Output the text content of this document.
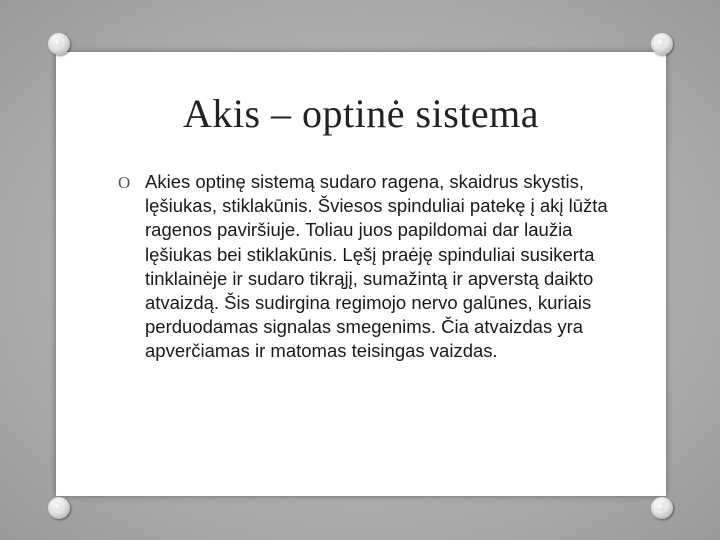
Akis – optinė sistema
O Akies optinę sistemą sudaro ragena, skaidrus skystis, lęšiukas, stiklakūnis. Šviesos spinduliai patekę į akį lūžta ragenos paviršiuje. Toliau juos papildomai dar laužia lęšiukas bei stiklakūnis. Lęšį praėję spinduliai susikerta tinklainėje ir sudaro tikrąjį, sumažintą ir apverstą daikto atvaizdą. Šis sudirgina regimojo nervo galūnes, kuriais perduodamas signalas smegenims. Čia atvaizdas yra apverčiamas ir matomas teisingas vaizdas.
